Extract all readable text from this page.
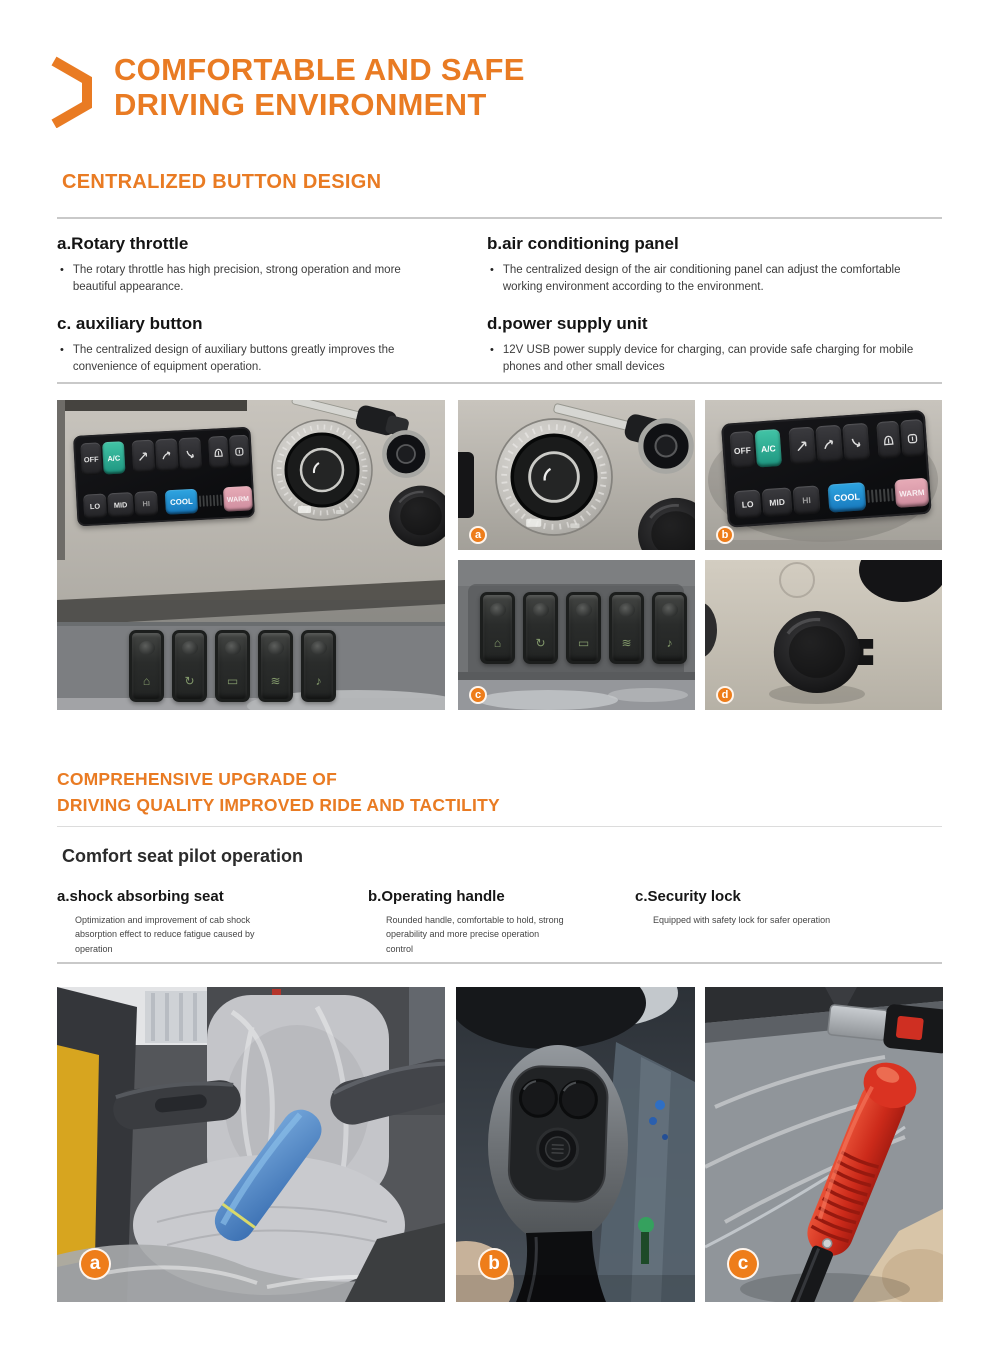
COMFORTABLE AND SAFE
DRIVING ENVIRONMENT
CENTRALIZED BUTTON DESIGN
a.Rotary throttle
• The rotary throttle has high precision, strong operation and more beautiful appearance.
b.air conditioning panel
• The centralized design of the air conditioning panel can adjust the comfortable working environment according to the environment.
c. auxiliary button
• The centralized design of auxiliary buttons greatly improves the convenience of equipment operation.
d.power supply unit
• 12V USB power supply device for charging, can provide safe charging for mobile phones and other small devices
OFF A/C
LO	MID	HI	COOL	WARM
⌂	↻	▭	≋	♪
a
OFF	A/C
LO	MID	HI	COOL	WARM
b
⌂	↻	▭	≋	♪
c	d
COMPREHENSIVE UPGRADE OF
DRIVING QUALITY IMPROVED RIDE AND TACTILITY
Comfort seat pilot operation
a.shock absorbing seat
Optimization and improvement of cab shock absorption effect to reduce fatigue caused by operation
b.Operating handle
Rounded handle, comfortable to hold, strong operability and more precise operation control
c.Security lock
Equipped with safety lock for safer operation
a	b	c
